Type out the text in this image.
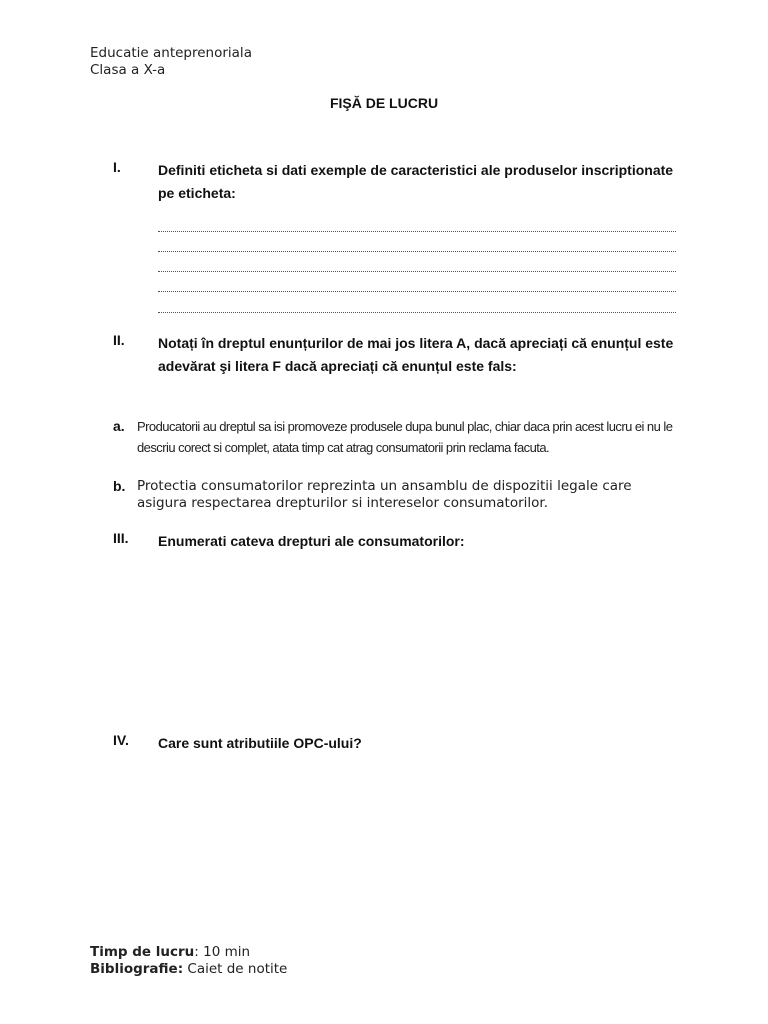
Educatie anteprenoriala
Clasa a X-a
FIŞĂ DE LUCRU
I.	Definiti eticheta si dati exemple de caracteristici ale produselor inscriptionate pe eticheta:
II. Notați în dreptul enunțurilor de mai jos litera A, dacă apreciați că enunțul este adevărat şi litera F dacă apreciați că enunțul este fals:
a. Producatorii au dreptul sa isi promoveze produsele dupa bunul plac, chiar daca prin acest lucru ei nu le descriu corect si complet, atata timp cat atrag consumatorii prin reclama facuta.
b. Protectia consumatorilor reprezinta un ansamblu de dispozitii legale care asigura respectarea drepturilor si intereselor consumatorilor.
III. Enumerati cateva drepturi ale consumatorilor:
IV. Care sunt atributiile OPC-ului?
Timp de lucru: 10 min
Bibliografie: Caiet de notite
